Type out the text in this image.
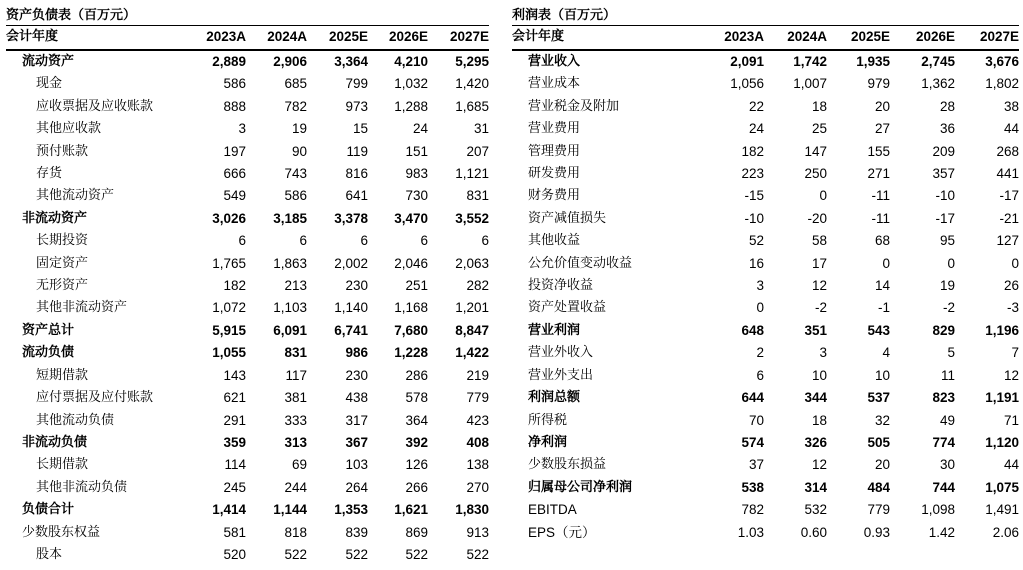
资产负债表（百万元）
会计年度	2023A	2024A	2025E	2026E	2027E
流动资产	2,889	2,906	3,364	4,210	5,295
现金	586	685	799	1,032	1,420
应收票据及应收账款	888	782	973	1,288	1,685
其他应收款	3	19	15	24	31
预付账款	197	90	119	151	207
存货	666	743	816	983	1,121
其他流动资产	549	586	641	730	831
非流动资产	3,026	3,185	3,378	3,470	3,552
长期投资	6	6	6	6	6
固定资产	1,765	1,863	2,002	2,046	2,063
无形资产	182	213	230	251	282
其他非流动资产	1,072	1,103	1,140	1,168	1,201
资产总计	5,915	6,091	6,741	7,680	8,847
流动负债	1,055	831	986	1,228	1,422
短期借款	143	117	230	286	219
应付票据及应付账款	621	381	438	578	779
其他流动负债	291	333	317	364	423
非流动负债	359	313	367	392	408
长期借款	114	69	103	126	138
其他非流动负债	245	244	264	266	270
负债合计	1,414	1,144	1,353	1,621	1,830
少数股东权益	581	818	839	869	913
股本	520	522	522	522	522
利润表（百万元）
会计年度	2023A	2024A	2025E	2026E	2027E
营业收入	2,091	1,742	1,935	2,745	3,676
营业成本	1,056	1,007	979	1,362	1,802
营业税金及附加	22	18	20	28	38
营业费用	24	25	27	36	44
管理费用	182	147	155	209	268
研发费用	223	250	271	357	441
财务费用	-15	0	-11	-10	-17
资产减值损失	-10	-20	-11	-17	-21
其他收益	52	58	68	95	127
公允价值变动收益	16	17	0	0	0
投资净收益	3	12	14	19	26
资产处置收益	0	-2	-1	-2	-3
营业利润	648	351	543	829	1,196
营业外收入	2	3	4	5	7
营业外支出	6	10	10	11	12
利润总额	644	344	537	823	1,191
所得税	70	18	32	49	71
净利润	574	326	505	774	1,120
少数股东损益	37	12	20	30	44
归属母公司净利润	538	314	484	744	1,075
EBITDA	782	532	779	1,098	1,491
EPS（元）	1.03	0.60	0.93	1.42	2.06
